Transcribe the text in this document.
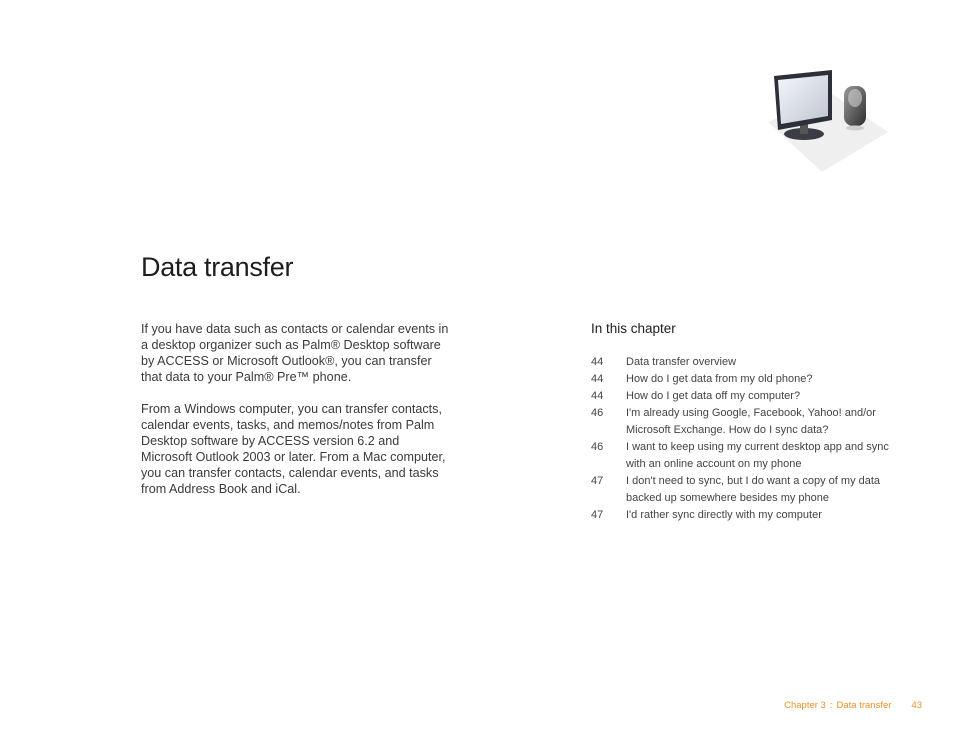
Data transfer

If you have data such as contacts or calendar events in a desktop organizer such as Palm® Desktop software by ACCESS or Microsoft Outlook®, you can transfer that data to your Palm® Pre™ phone.

From a Windows computer, you can transfer contacts, calendar events, tasks, and memos/notes from Palm Desktop software by ACCESS version 6.2 and Microsoft Outlook 2003 or later. From a Mac computer, you can transfer contacts, calendar events, and tasks from Address Book and iCal.

In this chapter
44	Data transfer overview
44	How do I get data from my old phone?
44	How do I get data off my computer?
46	I'm already using Google, Facebook, Yahoo! and/or Microsoft Exchange. How do I sync data?
46	I want to keep using my current desktop app and sync with an online account on my phone
47	I don't need to sync, but I do want a copy of my data backed up somewhere besides my phone
47	I'd rather sync directly with my computer
Chapter 3 : Data transfer 43
